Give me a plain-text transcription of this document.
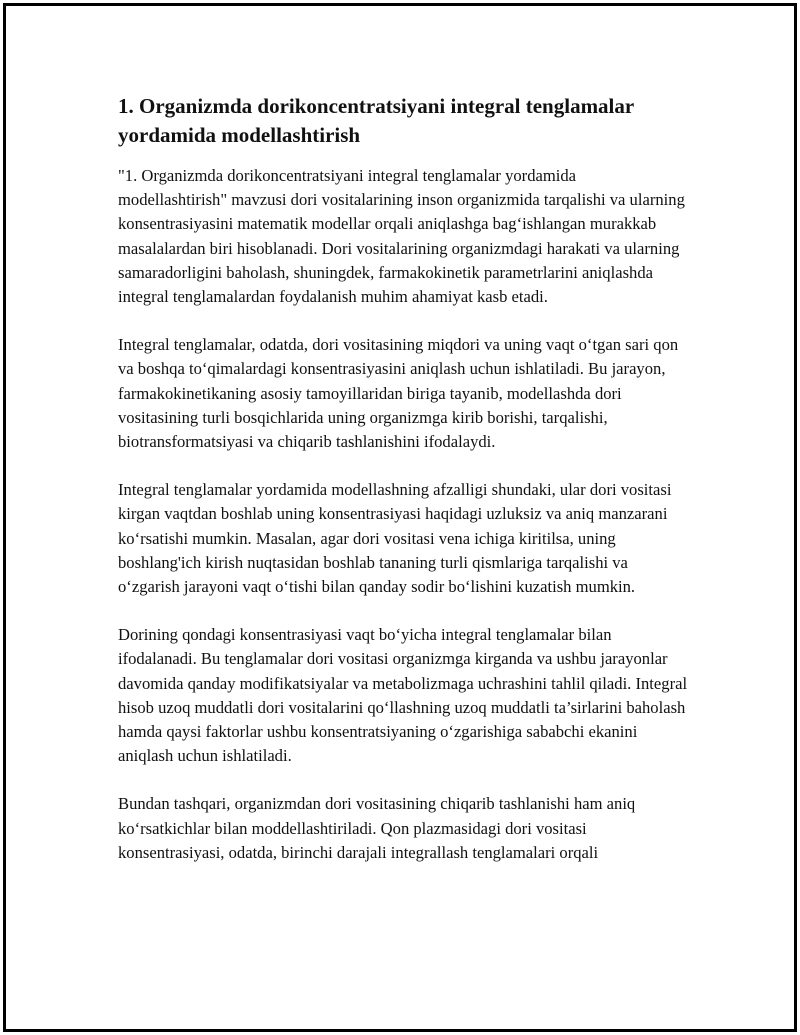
1. Organizmda dorikoncentratsiyani integral tenglamalar yordamida modellashtirish

"1. Organizmda dorikoncentratsiyani integral tenglamalar yordamida modellashtirish" mavzusi dori vositalarining inson organizmida tarqalishi va ularning konsentrasiyasini matematik modellar orqali aniqlashga bag‘ishlangan murakkab masalalardan biri hisoblanadi. Dori vositalarining organizmdagi harakati va ularning samaradorligini baholash, shuningdek, farmakokinetik parametrlarini aniqlashda integral tenglamalardan foydalanish muhim ahamiyat kasb etadi.

Integral tenglamalar, odatda, dori vositasining miqdori va uning vaqt o‘tgan sari qon va boshqa to‘qimalardagi konsentrasiyasini aniqlash uchun ishlatiladi. Bu jarayon, farmakokinetikaning asosiy tamoyillaridan biriga tayanib, modellashda dori vositasining turli bosqichlarida uning organizmga kirib borishi, tarqalishi, biotransformatsiyasi va chiqarib tashlanishini ifodalaydi.

Integral tenglamalar yordamida modellashning afzalligi shundaki, ular dori vositasi kirgan vaqtdan boshlab uning konsentrasiyasi haqidagi uzluksiz va aniq manzarani ko‘rsatishi mumkin. Masalan, agar dori vositasi vena ichiga kiritilsa, uning boshlang'ich kirish nuqtasidan boshlab tananing turli qismlariga tarqalishi va o‘zgarish jarayoni vaqt o‘tishi bilan qanday sodir bo‘lishini kuzatish mumkin.

Dorining qondagi konsentrasiyasi vaqt bo‘yicha integral tenglamalar bilan ifodalanadi. Bu tenglamalar dori vositasi organizmga kirganda va ushbu jarayonlar davomida qanday modifikatsiyalar va metabolizmaga uchrashini tahlil qiladi. Integral hisob uzoq muddatli dori vositalarini qo‘llashning uzoq muddatli ta’sirlarini baholash hamda qaysi faktorlar ushbu konsentratsiyaning o‘zgarishiga sababchi ekanini aniqlash uchun ishlatiladi.

Bundan tashqari, organizmdan dori vositasining chiqarib tashlanishi ham aniq ko‘rsatkichlar bilan moddellashtiriladi. Qon plazmasidagi dori vositasi konsentrasiyasi, odatda, birinchi darajali integrallash tenglamalari orqali
